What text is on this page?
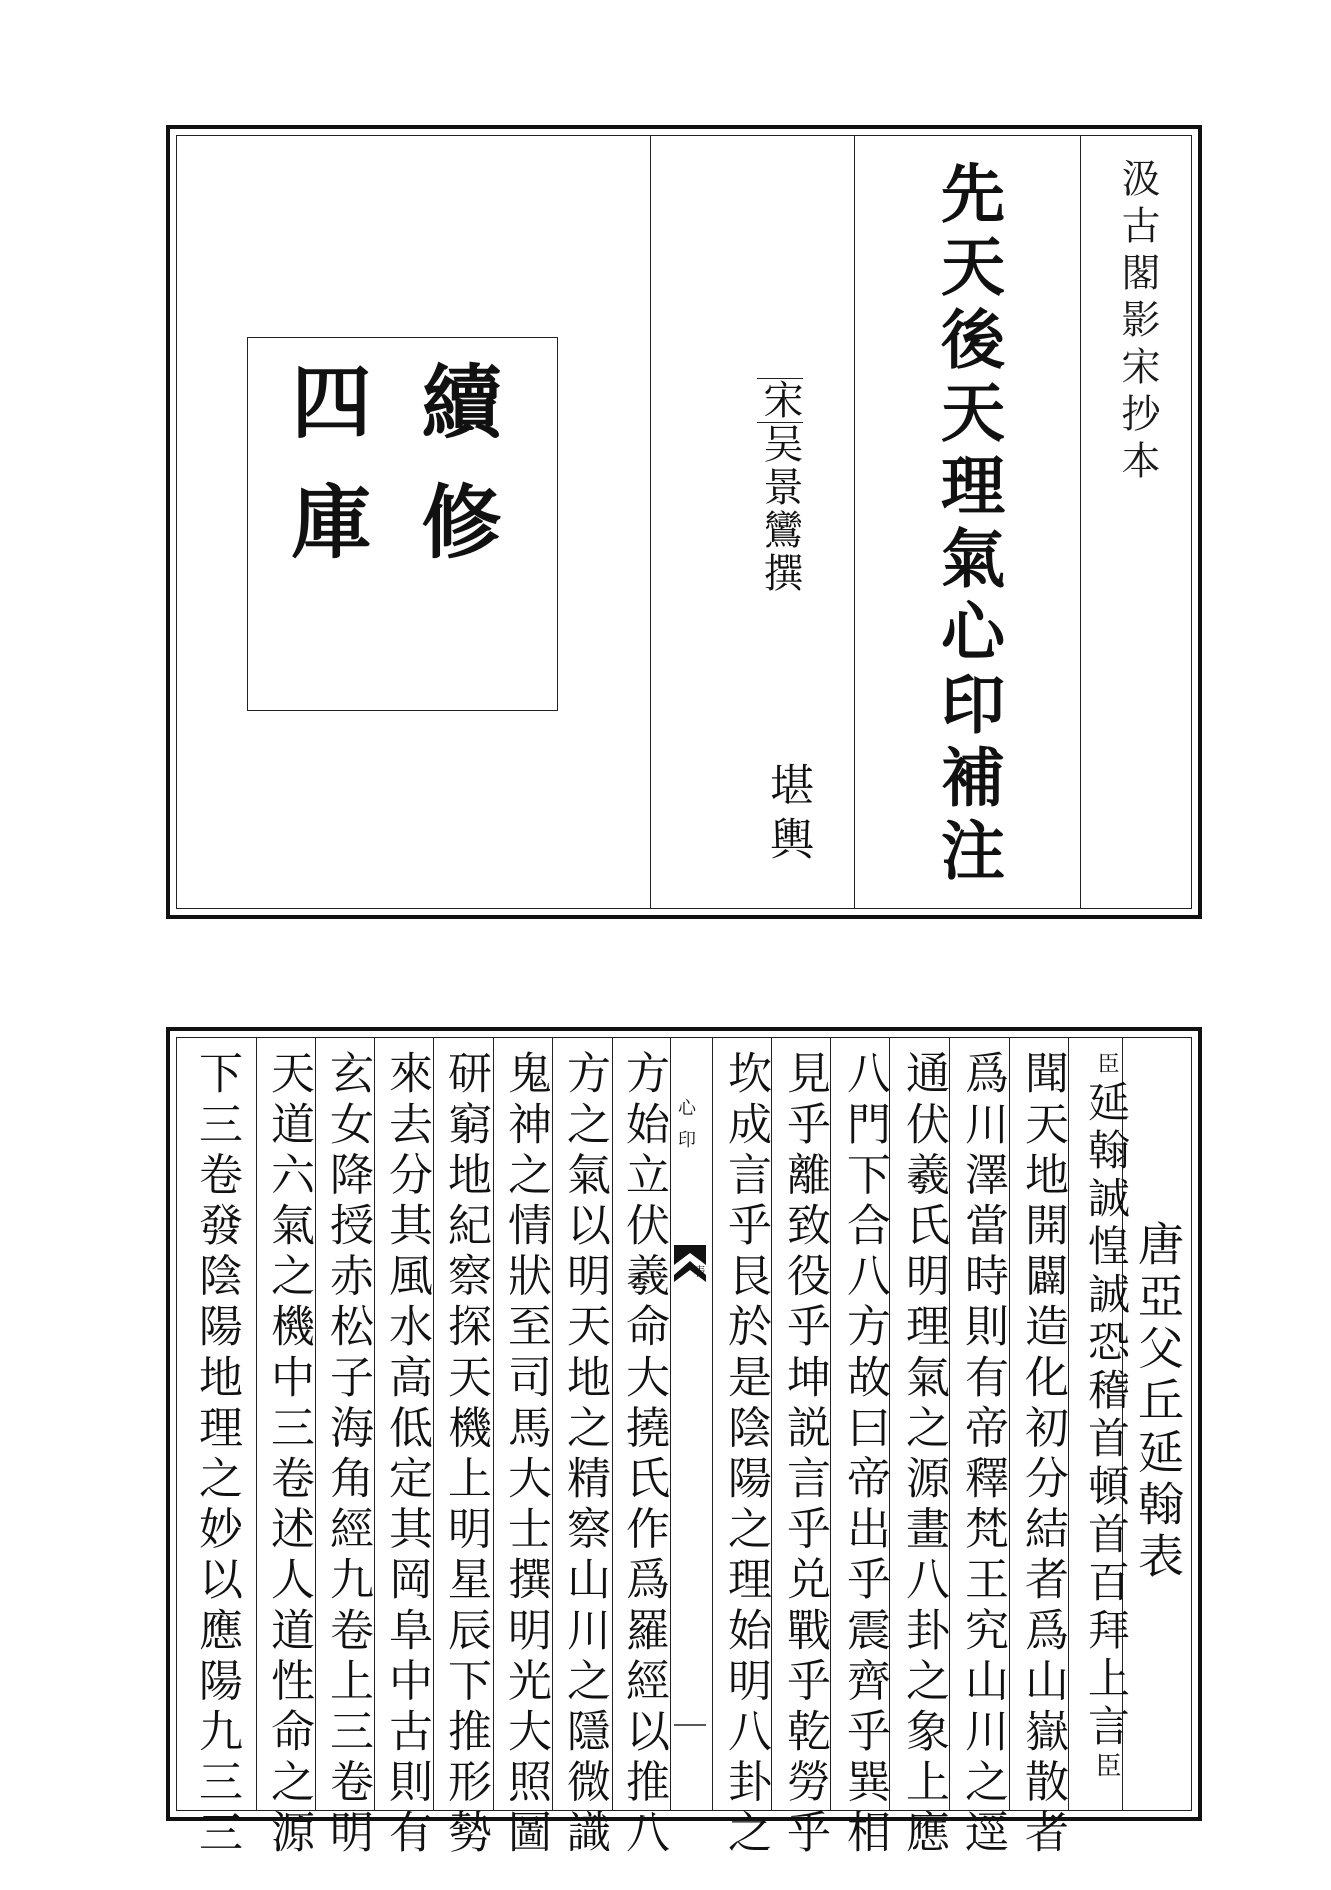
汲古閣影宋抄本
先天後天理氣心印補注
宋吴景鸞撰
堪輿
續修
四庫
心印
表	唐亞父丘延翰表
臣延翰誠惶誠恐稽首頓首百拜上言臣
聞天地開闢造化初分結者爲山嶽散者
爲川澤當時則有帝釋梵王究山川之逕
通伏羲氏明理氣之源畫八卦之象上應
八門下合八方故曰帝出乎震齊乎巽相
見乎離致役乎坤説言乎兑戰乎乾勞乎
坎成言乎艮於是陰陽之理始明八卦之
方始立伏羲命大撓氏作爲羅經以推八
方之氣以明天地之精察山川之隱微識
鬼神之情狀至司馬大士撰明光大照圖
研窮地紀察探天機上明星辰下推形勢
來去分其風水高低定其岡阜中古則有
玄女降授赤松子海角經九卷上三卷明
天道六氣之機中三卷述人道性命之源
下三卷發陰陽地理之妙以應陽九三三
